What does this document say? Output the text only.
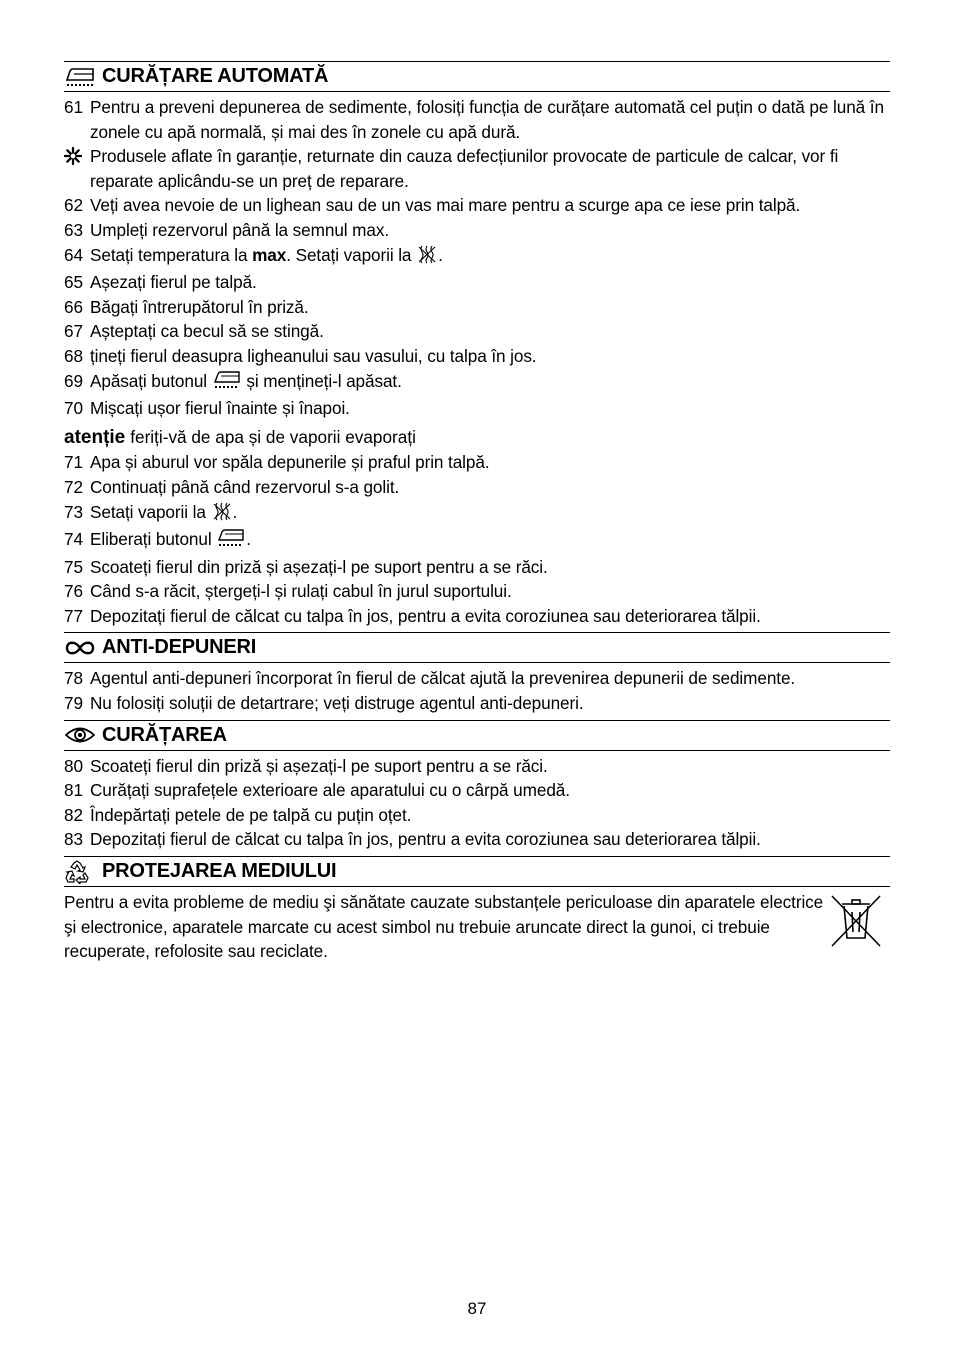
CURĂȚARE AUTOMATĂ
61 Pentru a preveni depunerea de sedimente, folosiți funcția de curățare automată cel puțin o dată pe lună în zonele cu apă normală, și mai des în zonele cu apă dură.
Produsele aflate în garanție, returnate din cauza defecțiunilor provocate de particule de calcar, vor fi reparate aplicându-se un preț de reparare.
62 Veți avea nevoie de un lighean sau de un vas mai mare pentru a scurge apa ce iese prin talpă.
63 Umpleți rezervorul până la semnul max.
64 Setați temperatura la max. Setați vaporii la .
65 Așezați fierul pe talpă.
66 Băgați întrerupătorul în priză.
67 Așteptați ca becul să se stingă.
68 țineți fierul deasupra ligheanului sau vasului, cu talpa în jos.
69 Apăsați butonul  și mențineți-l apăsat.
70 Mișcați ușor fierul înainte și înapoi.
atenție feriți-vă de apa și de vaporii evaporați
71 Apa și aburul vor spăla depunerile și praful prin talpă.
72 Continuați până când rezervorul s-a golit.
73 Setați vaporii la .
74 Eliberați butonul .
75 Scoateți fierul din priză și așezați-l pe suport pentru a se răci.
76 Când s-a răcit, ștergeți-l și rulați cabul în jurul suportului.
77 Depozitați fierul de călcat cu talpa în jos, pentru a evita coroziunea sau deteriorarea tălpii.
ANTI-DEPUNERI
78 Agentul anti-depuneri încorporat în fierul de călcat ajută la prevenirea depunerii de sedimente.
79 Nu folosiți soluții de detartrare; veți distruge agentul anti-depuneri.
CURĂȚAREA
80 Scoateți fierul din priză și așezați-l pe suport pentru a se răci.
81 Curățați suprafețele exterioare ale aparatului cu o cârpă umedă.
82 Îndepărtați petele de pe talpă cu puțin oțet.
83 Depozitați fierul de călcat cu talpa în jos, pentru a evita coroziunea sau deteriorarea tălpii.
PROTEJAREA MEDIULUI
Pentru a evita probleme de mediu şi sănătate cauzate substanțele periculoase din aparatele electrice şi electronice, aparatele marcate cu acest simbol nu trebuie aruncate direct la gunoi, ci trebuie recuperate, refolosite sau reciclate.
87
